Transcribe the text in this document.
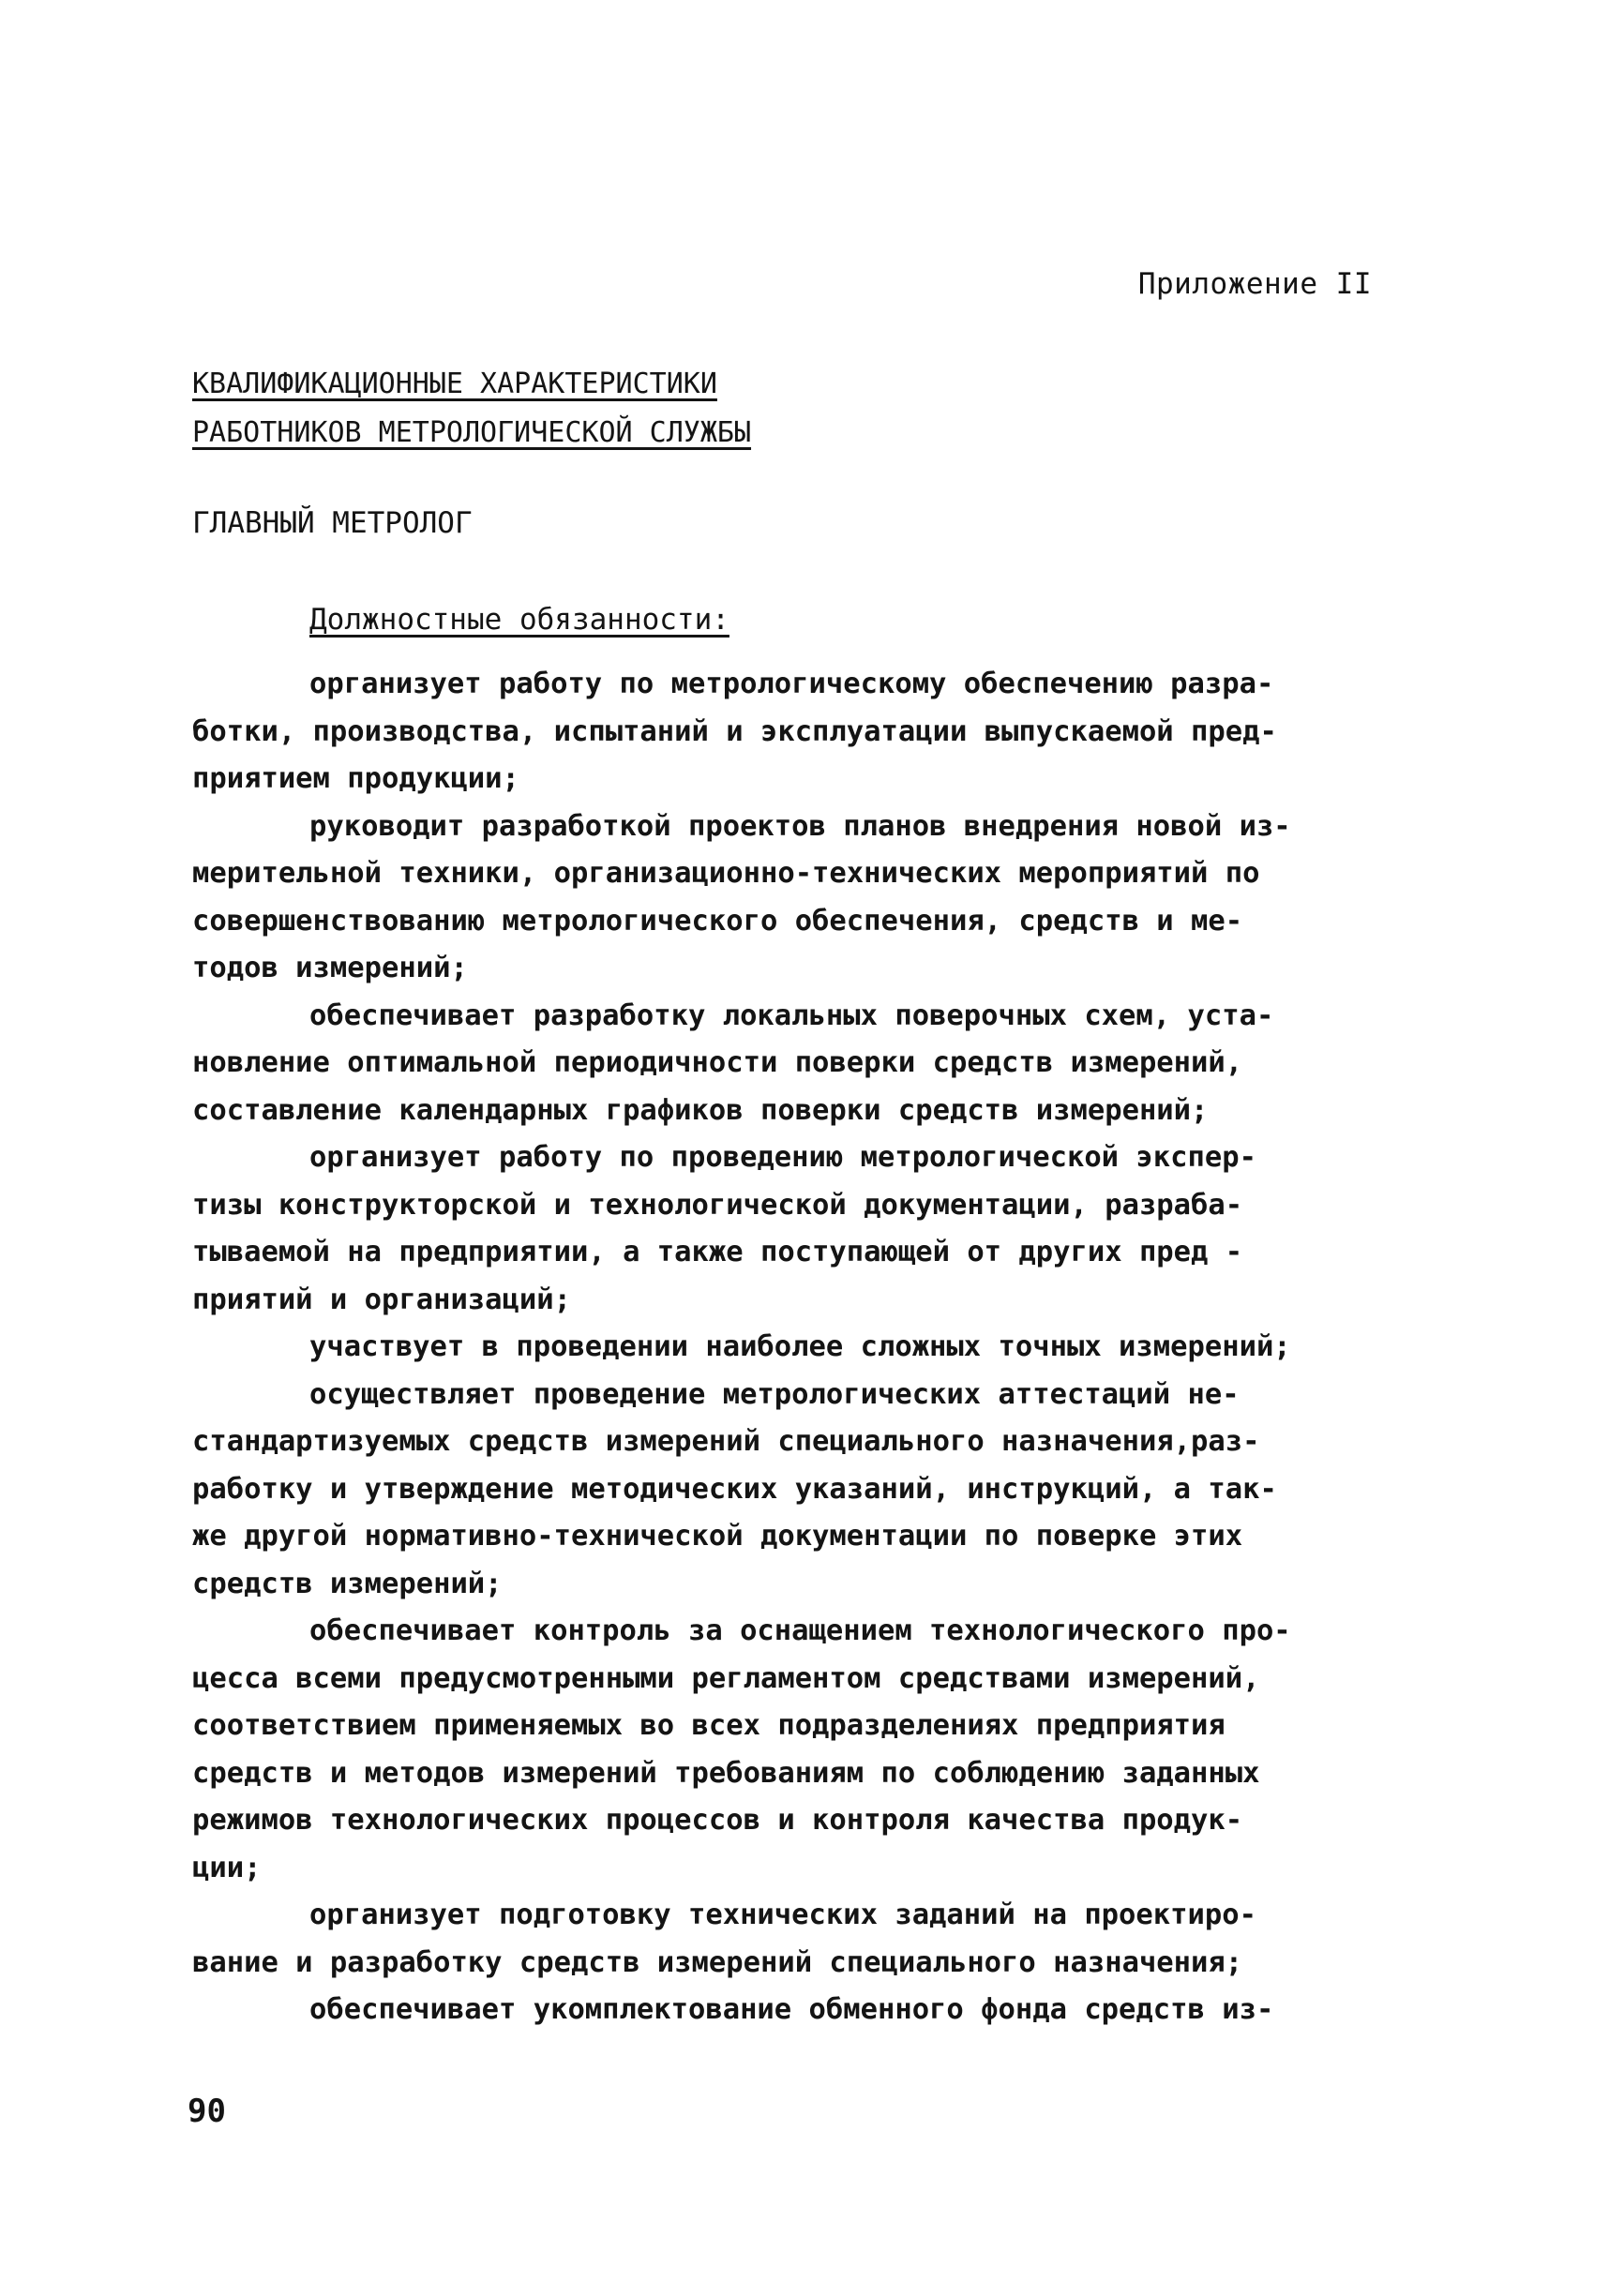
Приложение II
КВАЛИФИКАЦИОННЫЕ ХАРАКТЕРИСТИКИ
РАБОТНИКОВ МЕТРОЛОГИЧЕСКОЙ СЛУЖБЫ
ГЛАВНЫЙ МЕТРОЛОГ
Должностные обязанности:
организует работу по метрологическому обеспечению разра-
ботки, производства, испытаний и эксплуатации выпускаемой пред-
приятием продукции;
руководит разработкой проектов планов внедрения новой из-
мерительной техники, организационно-технических мероприятий по
совершенствованию метрологического обеспечения, средств и ме-
тодов измерений;
обеспечивает разработку локальных поверочных схем, уста-
новление оптимальной периодичности поверки средств измерений,
составление календарных графиков поверки средств измерений;
организует работу по проведению метрологической экспер-
тизы конструкторской и технологической документации, разраба-
тываемой на предприятии, а также поступающей от других пред -
приятий и организаций;
участвует в проведении наиболее сложных точных измерений;
осуществляет проведение метрологических аттестаций не-
стандартизуемых средств измерений специального назначения,раз-
работку и утверждение методических указаний, инструкций, а так-
же другой нормативно-технической документации по поверке этих
средств измерений;
обеспечивает контроль за оснащением технологического про-
цесса всеми предусмотренными регламентом средствами измерений,
соответствием применяемых во всех подразделениях предприятия
средств и методов измерений требованиям по соблюдению заданных
режимов технологических процессов и контроля качества продук-
ции;
организует подготовку технических заданий на проектиро-
вание и разработку средств измерений специального назначения;
обеспечивает укомплектование обменного фонда средств из-
90
